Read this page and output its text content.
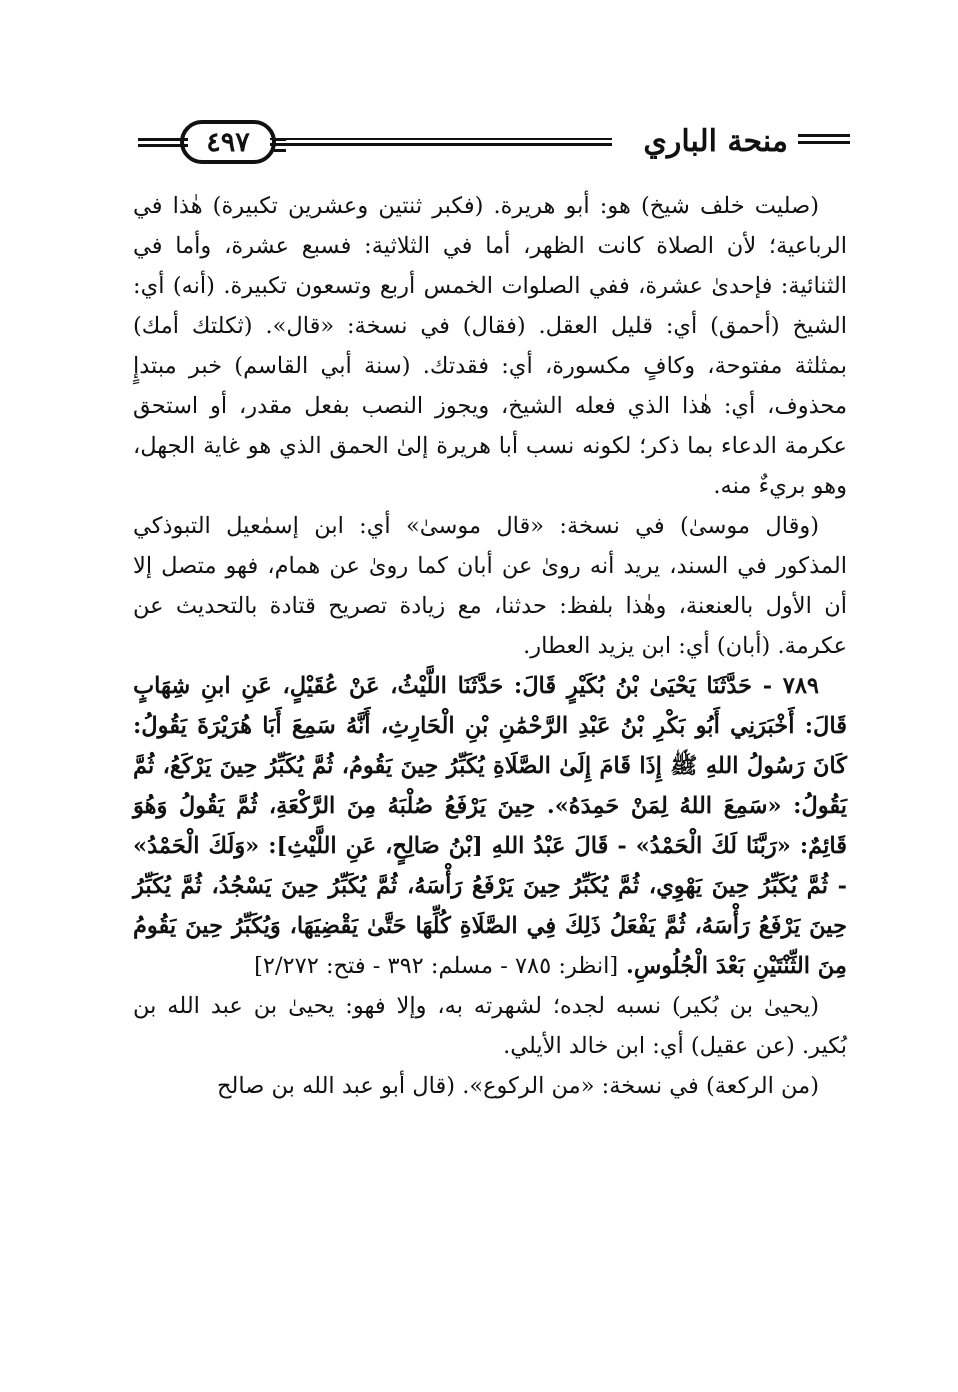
منحة الباري
٤٩٧

(صليت خلف شيخ) هو: أبو هريرة. (فكبر ثنتين وعشرين تكبيرة) هٰذا في الرباعية؛ لأن الصلاة كانت الظهر، أما في الثلاثية: فسبع عشرة، وأما في الثنائية: فإحدىٰ عشرة، ففي الصلوات الخمس أربع وتسعون تكبيرة. (أنه) أي: الشيخ (أحمق) أي: قليل العقل. (فقال) في نسخة: «قال». (ثكلتك أمك) بمثلثة مفتوحة، وكافٍ مكسورة، أي: فقدتك. (سنة أبي القاسم) خبر مبتدإٍ محذوف، أي: هٰذا الذي فعله الشيخ، ويجوز النصب بفعل مقدر، أو استحق عكرمة الدعاء بما ذكر؛ لكونه نسب أبا هريرة إلىٰ الحمق الذي هو غاية الجهل، وهو بريءٌ منه.

(وقال موسىٰ) في نسخة: «قال موسىٰ» أي: ابن إسمٰعيل التبوذكي المذكور في السند، يريد أنه روىٰ عن أبان كما روىٰ عن همام، فهو متصل إلا أن الأول بالعنعنة، وهٰذا بلفظ: حدثنا، مع زيادة تصريح قتادة بالتحديث عن عكرمة. (أبان) أي: ابن يزيد العطار.

٧٨٩ - حَدَّثَنَا يَحْيَىٰ بْنُ بُكَيْرٍ قَالَ: حَدَّثَنَا اللَّيْثُ، عَنْ عُقَيْلٍ، عَنِ ابنِ شِهَابٍ قَالَ: أَخْبَرَنِي أَبُو بَكْرِ بْنُ عَبْدِ الرَّحْمَٰنِ بْنِ الْحَارِثِ، أَنَّهُ سَمِعَ أَبَا هُرَيْرَةَ يَقُولُ: كَانَ رَسُولُ اللهِ ﷺ إِذَا قَامَ إِلَىٰ الصَّلَاةِ يُكَبِّرُ حِينَ يَقُومُ، ثُمَّ يُكَبِّرُ حِينَ يَرْكَعُ، ثُمَّ يَقُولُ: «سَمِعَ اللهُ لِمَنْ حَمِدَهُ». حِينَ يَرْفَعُ صُلْبَهُ مِنَ الرَّكْعَةِ، ثُمَّ يَقُولُ وَهُوَ قَائِمٌ: «رَبَّنَا لَكَ الْحَمْدُ» - قَالَ عَبْدُ اللهِ [بْنُ صَالِحٍ، عَنِ اللَّيْثِ]: «وَلَكَ الْحَمْدُ» - ثُمَّ يُكَبِّرُ حِينَ يَهْوِي، ثُمَّ يُكَبِّرُ حِينَ يَرْفَعُ رَأْسَهُ، ثُمَّ يُكَبِّرُ حِينَ يَسْجُدُ، ثُمَّ يُكَبِّرُ حِينَ يَرْفَعُ رَأْسَهُ، ثُمَّ يَفْعَلُ ذَلِكَ فِي الصَّلَاةِ كُلِّهَا حَتَّىٰ يَقْضِيَهَا، وَيُكَبِّرُ حِينَ يَقُومُ مِنَ الثِّنْتَيْنِ بَعْدَ الْجُلُوسِ. [انظر: ٧٨٥ - مسلم: ٣٩٢ - فتح: ٢/٢٧٢]

(يحيىٰ بن بُكير) نسبه لجده؛ لشهرته به، وإلا فهو: يحيىٰ بن عبد الله بن بُكير. (عن عقيل) أي: ابن خالد الأيلي.

(من الركعة) في نسخة: «من الركوع». (قال أبو عبد الله بن صالح
